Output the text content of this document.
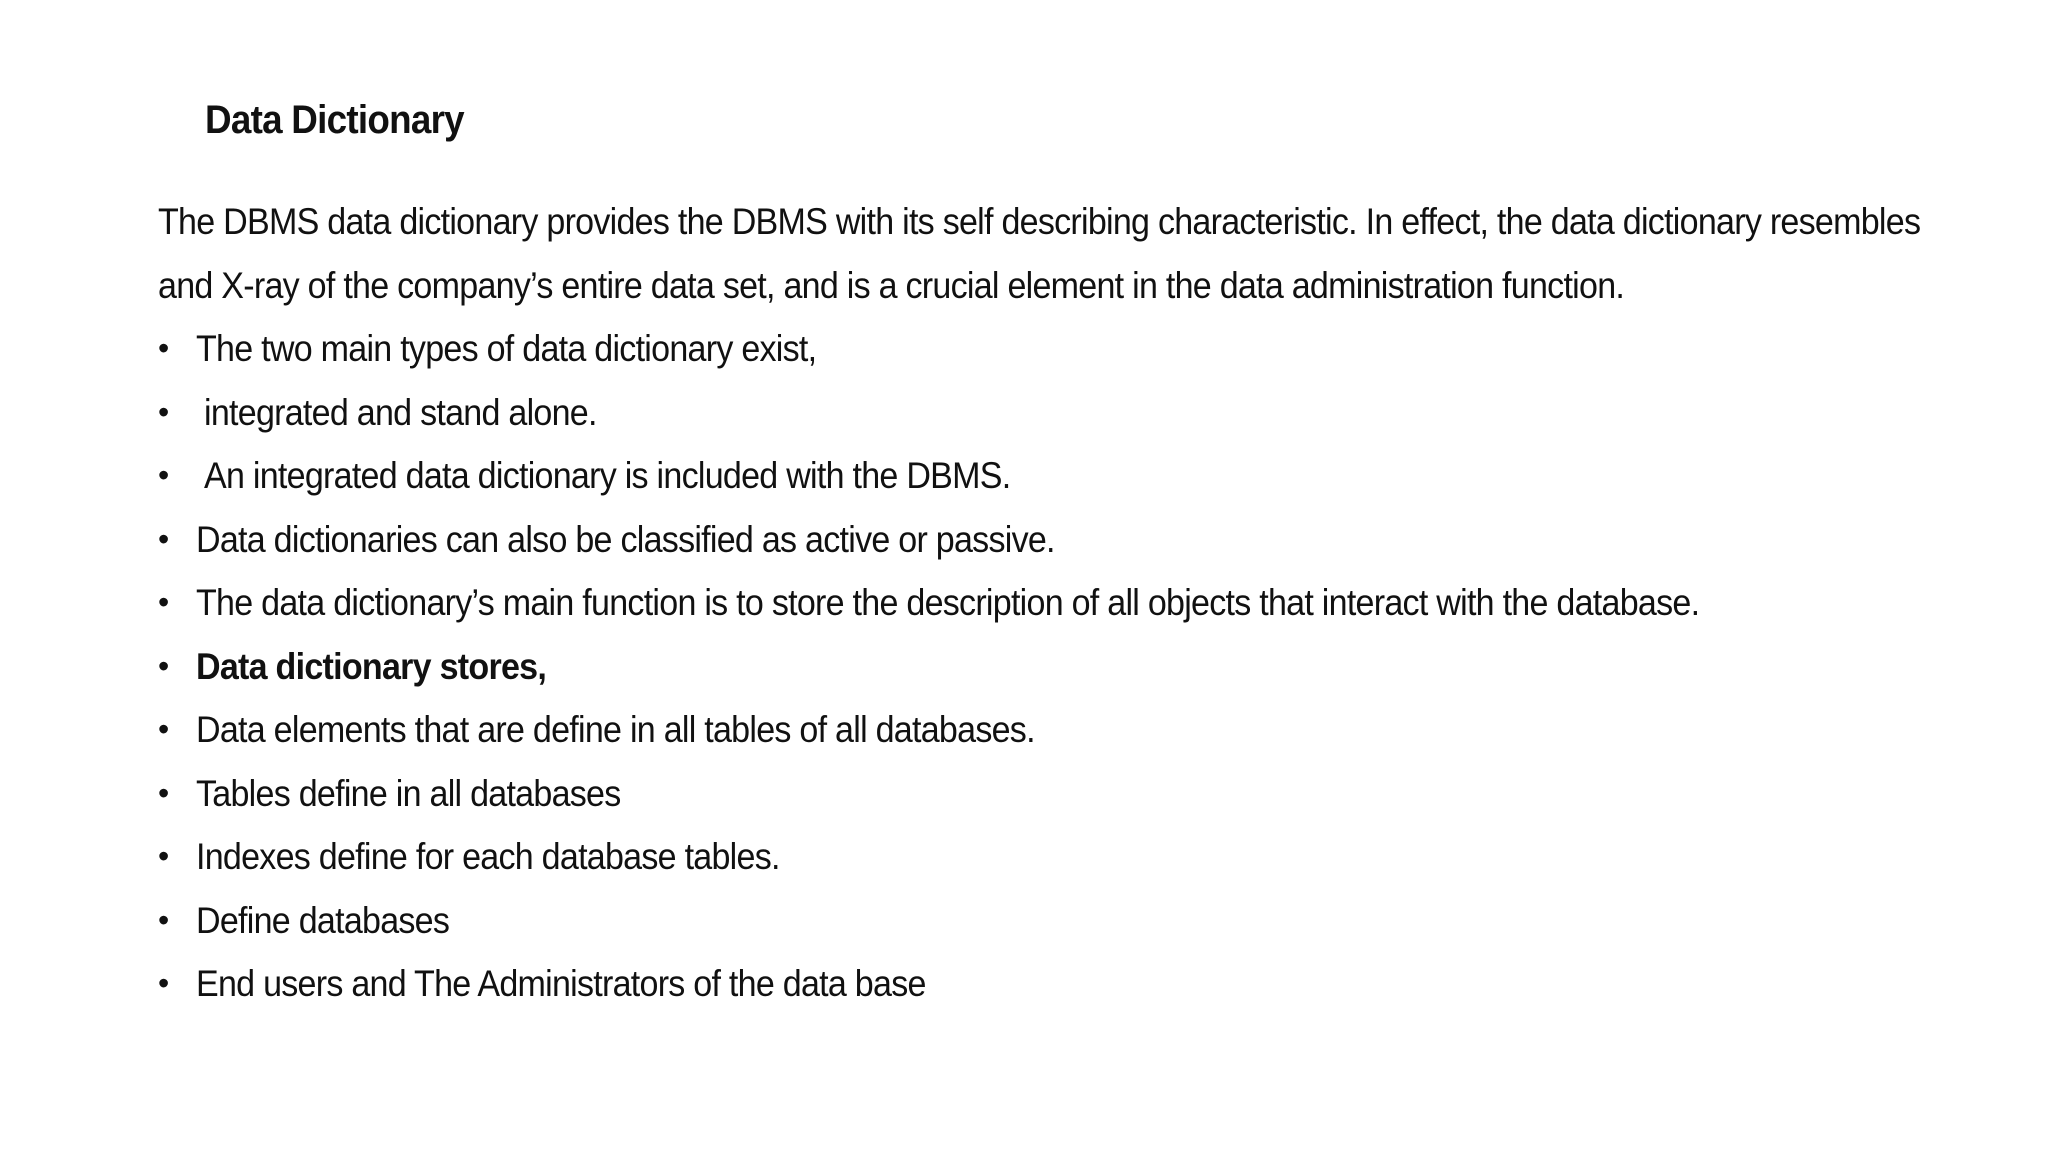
Data Dictionary

The DBMS data dictionary provides the DBMS with its self describing characteristic. In effect, the data dictionary resembles
and X-ray of the company’s entire data set, and is a crucial element in the data administration function.

• The two main types of data dictionary exist,
• integrated and stand alone.
• An integrated data dictionary is included with the DBMS.
• Data dictionaries can also be classified as active or passive.
• The data dictionary’s main function is to store the description of all objects that interact with the database.
• Data dictionary stores,
• Data elements that are define in all tables of all databases.
• Tables define in all databases
• Indexes define for each database tables.
• Define databases
• End users and The Administrators of the data base
